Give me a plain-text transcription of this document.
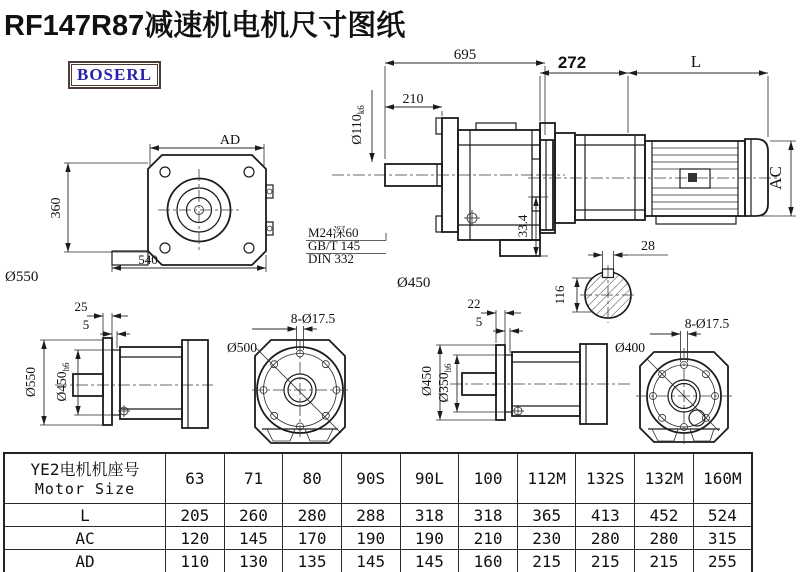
RF147R87减速机电机尺寸图纸
BOSERL
AD
360
540
Ø550
695
210
$Ø110_{k6}$
33.4
M24深60
GB/T 145
DIN 332
Ø450
272	L
AC
28
116
25
5
Ø550 $Ø450_{h6}$
8-Ø17.5
Ø500
22
5
Ø450 $Ø350_{h6}$
8-Ø17.5
Ø400
YE2电机机座号
Motor Size	63	71	80	90S	90L	100	112M	132S	132M	160M
L	205	260	280	288	318	318	365	413	452	524
AC	120	145	170	190	190	210	230	280	280	315
AD	110	130	135	145	145	160	215	215	215	255
